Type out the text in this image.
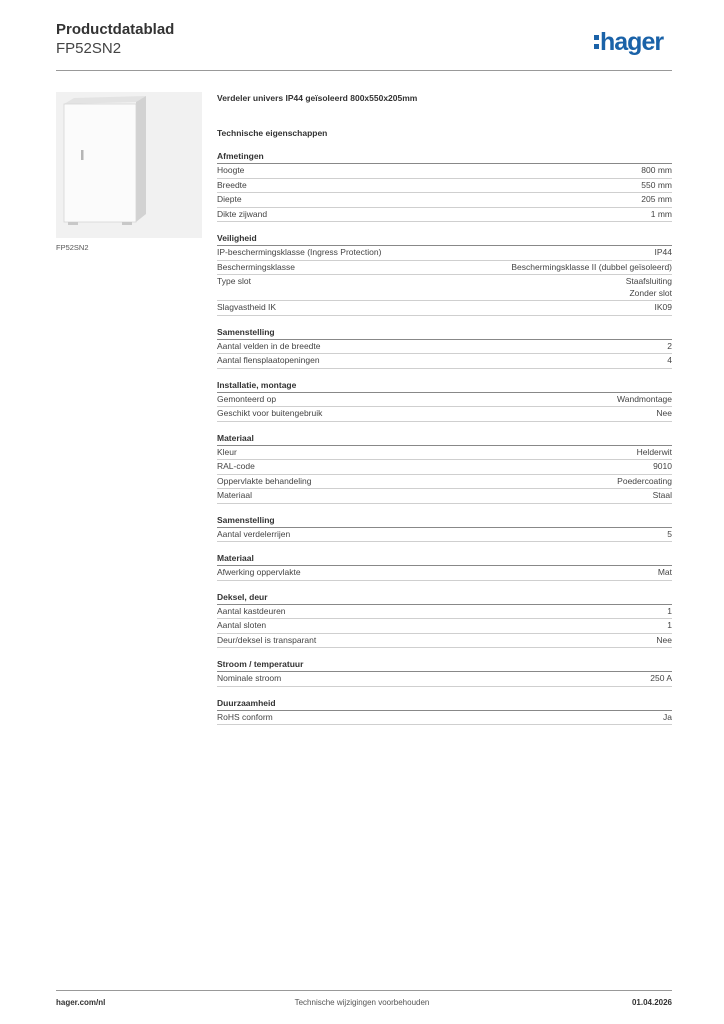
Productdatablad
FP52SN2	hager
FP52SN2
Verdeler univers IP44 geïsoleerd 800x550x205mm
Technische eigenschappen
Afmetingen
Hoogte	800 mm
Breedte	550 mm
Diepte	205 mm
Dikte zijwand	1 mm
Veiligheid
IP-beschermingsklasse (Ingress Protection)	IP44
Beschermingsklasse	Beschermingsklasse II (dubbel geïsoleerd)
Type slot	Staafsluiting
Zonder slot
Slagvastheid IK	IK09
Samenstelling
Aantal velden in de breedte	2
Aantal flensplaatopeningen	4
Installatie, montage
Gemonteerd op	Wandmontage
Geschikt voor buitengebruik	Nee
Materiaal
Kleur	Helderwit
RAL-code	9010
Oppervlakte behandeling	Poedercoating
Materiaal	Staal
Samenstelling
Aantal verdelerrijen	5
Materiaal
Afwerking oppervlakte	Mat
Deksel, deur
Aantal kastdeuren	1
Aantal sloten	1
Deur/deksel is transparant	Nee
Stroom / temperatuur
Nominale stroom	250 A
Duurzaamheid
RoHS conform	Ja
hager.com/nl	Technische wijzigingen voorbehouden	01.04.2026
